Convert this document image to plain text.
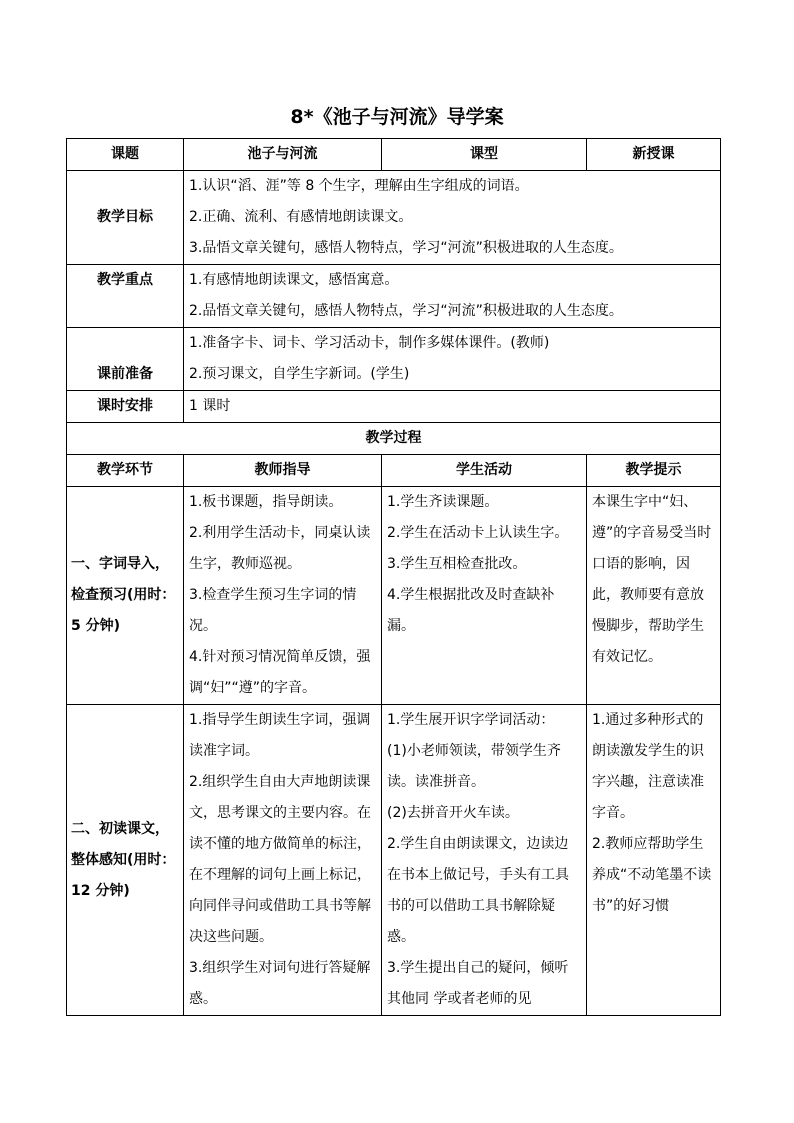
8*《池子与河流》导学案
课题	池子与河流	课型	新授课
教学目标	1.认识“滔、涯”等 8 个生字，理解由生字组成的词语。
2.正确、流利、有感情地朗读课文。
3.品悟文章关键句，感悟人物特点，学习“河流”积极进取的人生态度。		

教学重点	1.有感情地朗读课文，感悟寓意。
2.品悟文章关键句，感悟人物特点，学习“河流”积极进取的人生态度。		

课前准备	1.准备字卡、词卡、学习活动卡，制作多媒体课件。(教师)
2.预习课文，自学生字新词。(学生)		

课时安排	1 课时		
教学过程			
教学环节	教师指导	学生活动	教学提示
一、字词导入，检查预习(用时：5 分钟)	1.板书课题，指导朗读。
2.利用学生活动卡，同桌认读生字，教师巡视。
3.检查学生预习生字词的情况。
4.针对预习情况简单反馈，强调“妇”“遵”的字音。	1.学生齐读课题。
2.学生在活动卡上认读生字。
3.学生互相检查批改。
4.学生根据批改及时查缺补漏。	本课生字中“妇、遵”的字音易受当时口语的影响，因此，教师要有意放慢脚步，帮助学生有效记忆。

二、初读课文，整体感知(用时：12 分钟)	1.指导学生朗读生字词，强调读准字词。
2.组织学生自由大声地朗读课文，思考课文的主要内容。在读不懂的地方做简单的标注，在不理解的词句上画上标记，向同伴寻问或借助工具书等解决这些问题。
3.组织学生对词句进行答疑解惑。	1.学生展开识字学词活动：
(1)小老师领读，带领学生齐读。读准拼音。
(2)去拼音开火车读。
2.学生自由朗读课文，边读边在书本上做记号，手头有工具书的可以借助工具书解除疑惑。
3.学生提出自己的疑问，倾听其他同 学或者老师的见	1.通过多种形式的朗读激发学生的识字兴趣，注意读准字音。
2.教师应帮助学生养成“不动笔墨不读书”的好习惯
